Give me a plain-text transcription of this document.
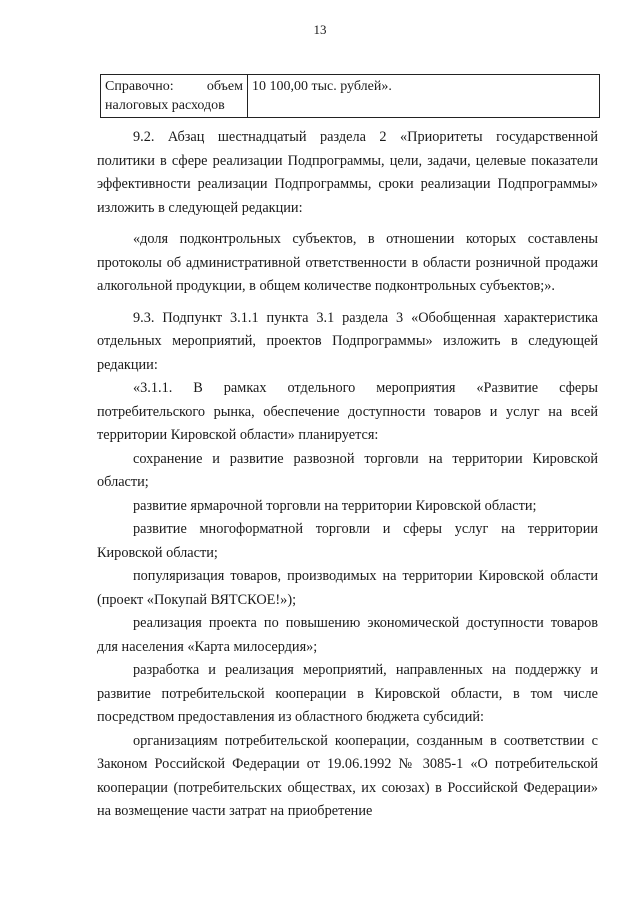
13
Справочно: объем
налоговых расходов
	10 100,00 тыс. рублей».

9.2. Абзац шестнадцатый раздела 2 «Приоритеты государственной политики в сфере реализации Подпрограммы, цели, задачи, целевые показатели эффективности реализации Подпрограммы, сроки реализации Подпрограммы» изложить в следующей редакции:

«доля подконтрольных субъектов, в отношении которых составлены протоколы об административной ответственности в области розничной продажи алкогольной продукции, в общем количестве подконтрольных субъектов;».

9.3. Подпункт 3.1.1 пункта 3.1 раздела 3 «Обобщенная характеристика отдельных мероприятий, проектов Подпрограммы» изложить в следующей редакции:

«3.1.1. В рамках отдельного мероприятия «Развитие сферы потребительского рынка, обеспечение доступности товаров и услуг на всей территории Кировской области» планируется:

сохранение и развитие развозной торговли на территории Кировской области;

развитие ярмарочной торговли на территории Кировской области;

развитие многоформатной торговли и сферы услуг на территории Кировской области;

популяризация товаров, производимых на территории Кировской области (проект «Покупай ВЯТСКОЕ!»);

реализация проекта по повышению экономической доступности товаров для населения «Карта милосердия»;

разработка и реализация мероприятий, направленных на поддержку и развитие потребительской кооперации в Кировской области, в том числе посредством предоставления из областного бюджета субсидий:

организациям потребительской кооперации, созданным в соответствии с Законом Российской Федерации от 19.06.1992 № 3085-1 «О потребительской кооперации (потребительских обществах, их союзах) в Российской Федерации» на возмещение части затрат на приобретение
